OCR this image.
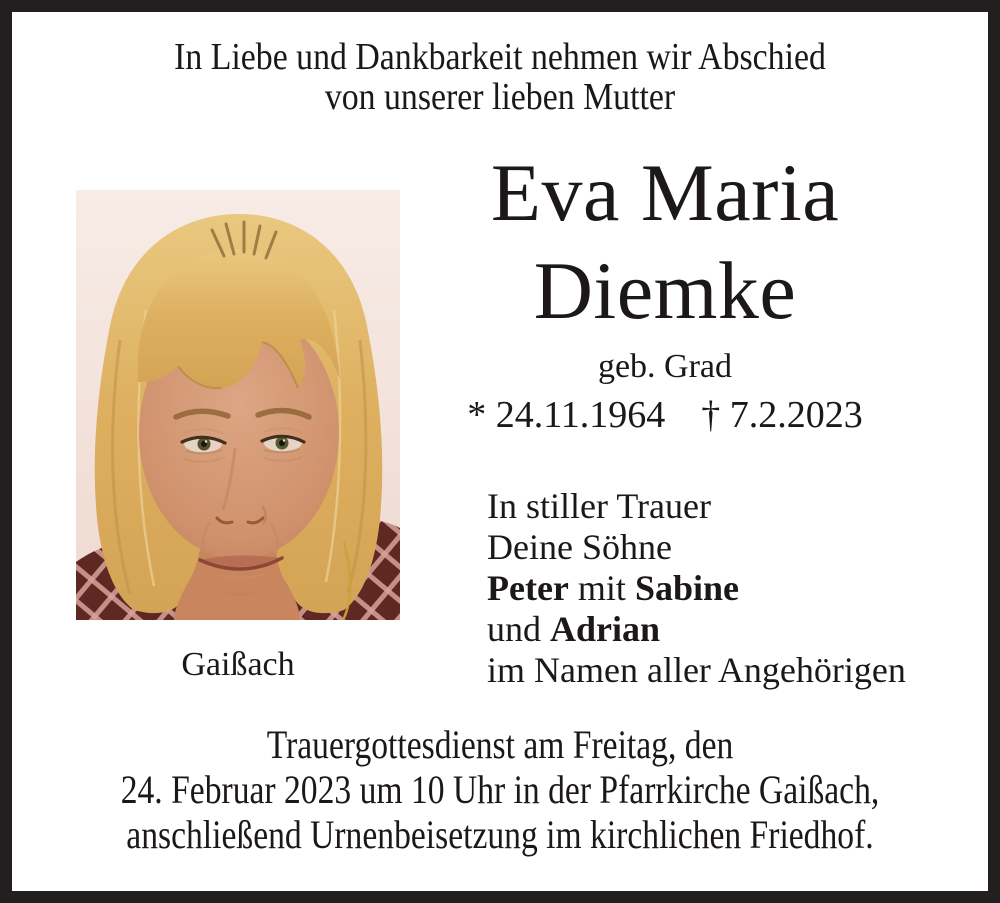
In Liebe und Dankbarkeit nehmen wir Abschied
von unserer lieben Mutter
Gaißach
Eva Maria
Diemke
geb. Grad
* 24.11.1964 † 7.2.2023
In stiller Trauer
Deine Söhne
Peter mit Sabine
und Adrian
im Namen aller Angehörigen
Trauergottesdienst am Freitag, den
24. Februar 2023 um 10 Uhr in der Pfarrkirche Gaißach,
anschließend Urnenbeisetzung im kirchlichen Friedhof.
